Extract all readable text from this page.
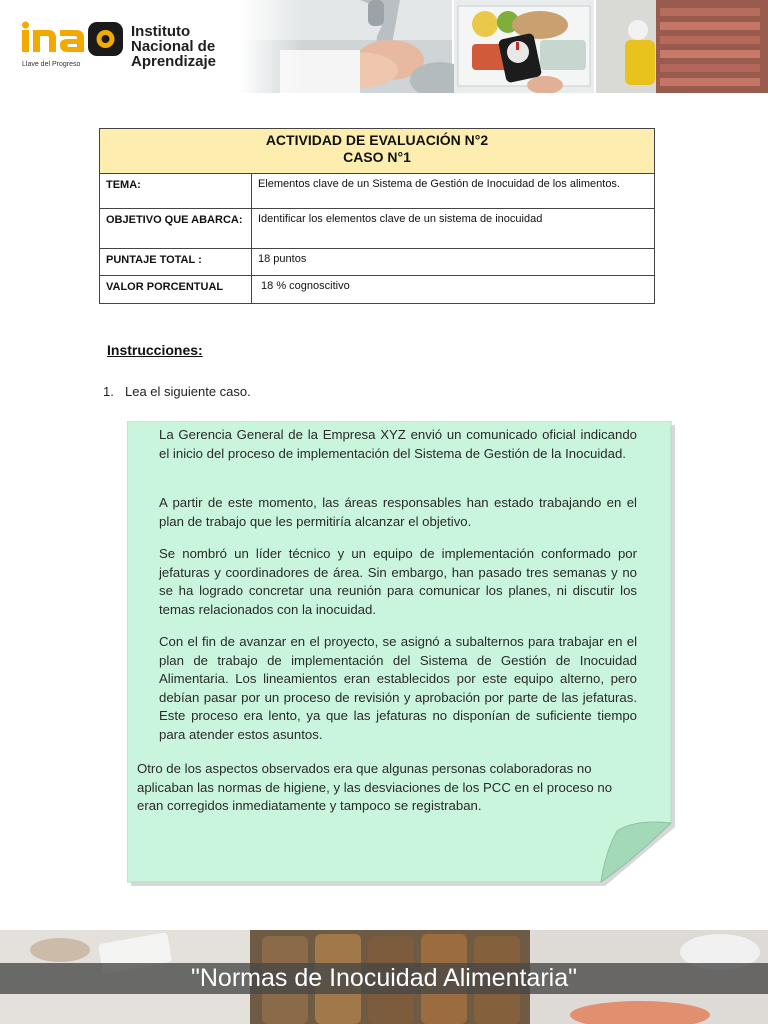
Instituto
Nacional de
Aprendizaje
Llave del Progreso
ACTIVIDAD DE EVALUACIÓN N°2
CASO N°1	

TEMA:	Elementos clave de un Sistema de Gestión de Inocuidad de los alimentos.
OBJETIVO QUE ABARCA:	Identificar los elementos clave de un sistema de inocuidad
PUNTAJE TOTAL :	18 puntos
VALOR PORCENTUAL	18 % cognoscitivo
Instrucciones:
1. Lea el siguiente caso.

La Gerencia General de la Empresa XYZ envió un comunicado oficial indicando el inicio del proceso de implementación del Sistema de Gestión de la Inocuidad.

A partir de este momento, las áreas responsables han estado trabajando en el plan de trabajo que les permitiría alcanzar el objetivo.

Se nombró un líder técnico y un equipo de implementación conformado por jefaturas y coordinadores de área. Sin embargo, han pasado tres semanas y no se ha logrado concretar una reunión para comunicar los planes, ni discutir los temas relacionados con la inocuidad.

Con el fin de avanzar en el proyecto, se asignó a subalternos para trabajar en el plan de trabajo de implementación del Sistema de Gestión de Inocuidad Alimentaria. Los lineamientos eran establecidos por este equipo alterno, pero debían pasar por un proceso de revisión y aprobación por parte de las jefaturas. Este proceso era lento, ya que las jefaturas no disponían de suficiente tiempo para atender estos asuntos.

Otro de los aspectos observados era que algunas personas colaboradoras no aplicaban las normas de higiene, y las desviaciones de los PCC en el proceso no eran corregidos inmediatamente y tampoco se registraban.

"Normas de Inocuidad Alimentaria"
